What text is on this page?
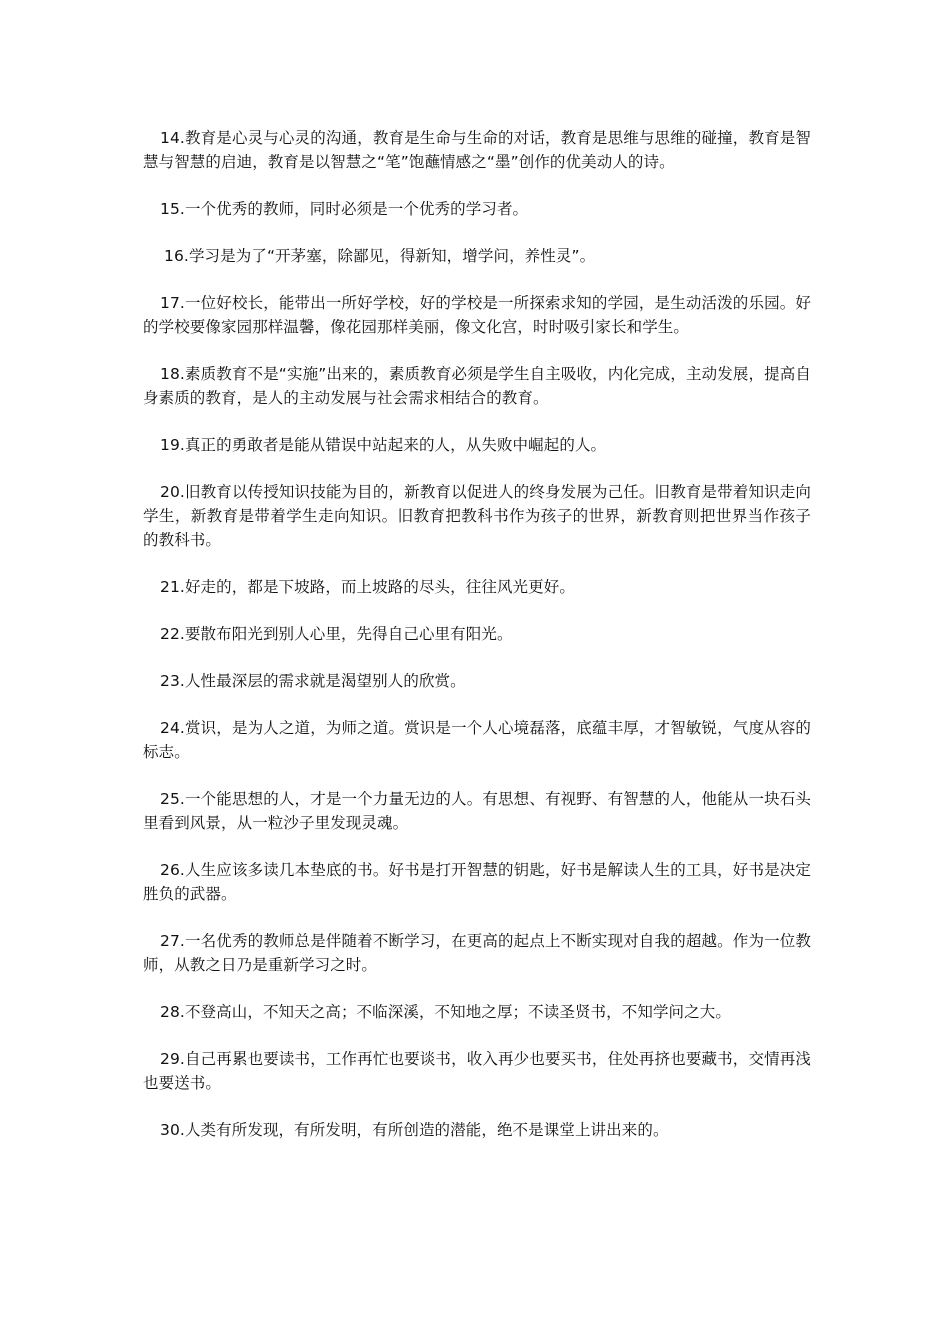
14.教育是心灵与心灵的沟通，教育是生命与生命的对话，教育是思维与思维的碰撞，教育是智慧与智慧的启迪，教育是以智慧之“笔”饱蘸情感之“墨”创作的优美动人的诗。

15.一个优秀的教师，同时必须是一个优秀的学习者。

16.学习是为了“开茅塞，除鄙见，得新知，增学问，养性灵”。

17.一位好校长，能带出一所好学校，好的学校是一所探索求知的学园，是生动活泼的乐园。好的学校要像家园那样温馨，像花园那样美丽，像文化宫，时时吸引家长和学生。

18.素质教育不是“实施”出来的，素质教育必须是学生自主吸收，内化完成，主动发展，提高自身素质的教育，是人的主动发展与社会需求相结合的教育。

19.真正的勇敢者是能从错误中站起来的人，从失败中崛起的人。

20.旧教育以传授知识技能为目的，新教育以促进人的终身发展为己任。旧教育是带着知识走向学生，新教育是带着学生走向知识。旧教育把教科书作为孩子的世界，新教育则把世界当作孩子的教科书。

21.好走的，都是下坡路，而上坡路的尽头，往往风光更好。

22.要散布阳光到别人心里，先得自己心里有阳光。

23.人性最深层的需求就是渴望别人的欣赏。

24.赏识，是为人之道，为师之道。赏识是一个人心境磊落，底蕴丰厚，才智敏锐，气度从容的标志。

25.一个能思想的人，才是一个力量无边的人。有思想、有视野、有智慧的人，他能从一块石头里看到风景，从一粒沙子里发现灵魂。

26.人生应该多读几本垫底的书。好书是打开智慧的钥匙，好书是解读人生的工具，好书是决定胜负的武器。

27.一名优秀的教师总是伴随着不断学习，在更高的起点上不断实现对自我的超越。作为一位教师，从教之日乃是重新学习之时。

28.不登高山，不知天之高；不临深溪，不知地之厚；不读圣贤书，不知学问之大。

29.自己再累也要读书，工作再忙也要谈书，收入再少也要买书，住处再挤也要藏书，交情再浅也要送书。

30.人类有所发现，有所发明，有所创造的潜能，绝不是课堂上讲出来的。
